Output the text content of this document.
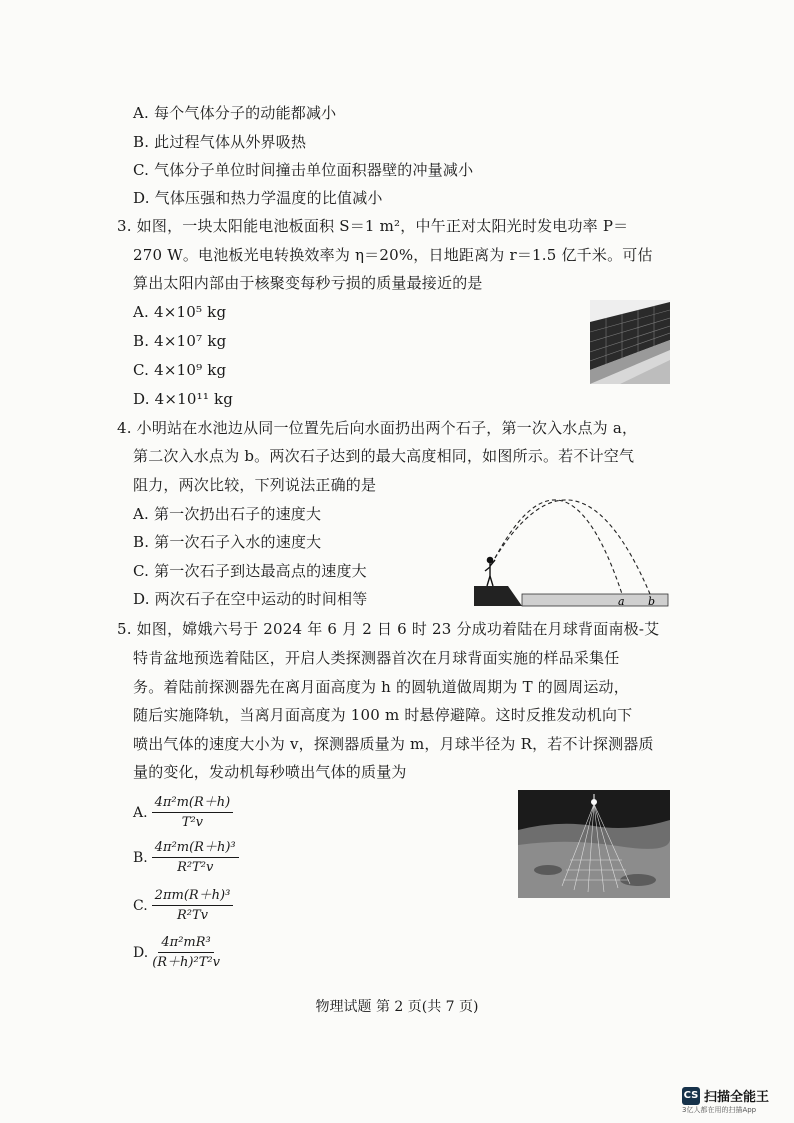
A. 每个气体分子的动能都减小
B. 此过程气体从外界吸热
C. 气体分子单位时间撞击单位面积器壁的冲量减小
D. 气体压强和热力学温度的比值减小
3. 如图，一块太阳能电池板面积 S＝1 m²，中午正对太阳光时发电功率 P＝
270 W。电池板光电转换效率为 η＝20%，日地距离为 r＝1.5 亿千米。可估
算出太阳内部由于核聚变每秒亏损的质量最接近的是
A. 4×10⁵ kg
B. 4×10⁷ kg
C. 4×10⁹ kg
D. 4×10¹¹ kg
4. 小明站在水池边从同一位置先后向水面扔出两个石子，第一次入水点为 a，
第二次入水点为 b。两次石子达到的最大高度相同，如图所示。若不计空气
阻力，两次比较，下列说法正确的是
A. 第一次扔出石子的速度大
B. 第一次石子入水的速度大
C. 第一次石子到达最高点的速度大
D. 两次石子在空中运动的时间相等	a b
5. 如图，嫦娥六号于 2024 年 6 月 2 日 6 时 23 分成功着陆在月球背面南极-艾
特肯盆地预选着陆区，开启人类探测器首次在月球背面实施的样品采集任
务。着陆前探测器先在离月面高度为 h 的圆轨道做周期为 T 的圆周运动，
随后实施降轨，当离月面高度为 100 m 时悬停避障。这时反推发动机向下
喷出气体的速度大小为 v，探测器质量为 m，月球半径为 R，若不计探测器质
量的变化，发动机每秒喷出气体的质量为
A. $\frac{\text{4π²m(R＋h)}}{\text{T²v}}$
B. $\frac{\text{4π²m(R＋h)³}}{\text{R²T²v}}$
C. $\frac{\text{2πm(R＋h)³}}{\text{R²Tv}}$
D. $\frac{\text{4π²mR³}}{\text{(R＋h)²T²v}}$
物理试题 第 2 页(共 7 页)
CS 扫描全能王
3亿人都在用的扫描App
